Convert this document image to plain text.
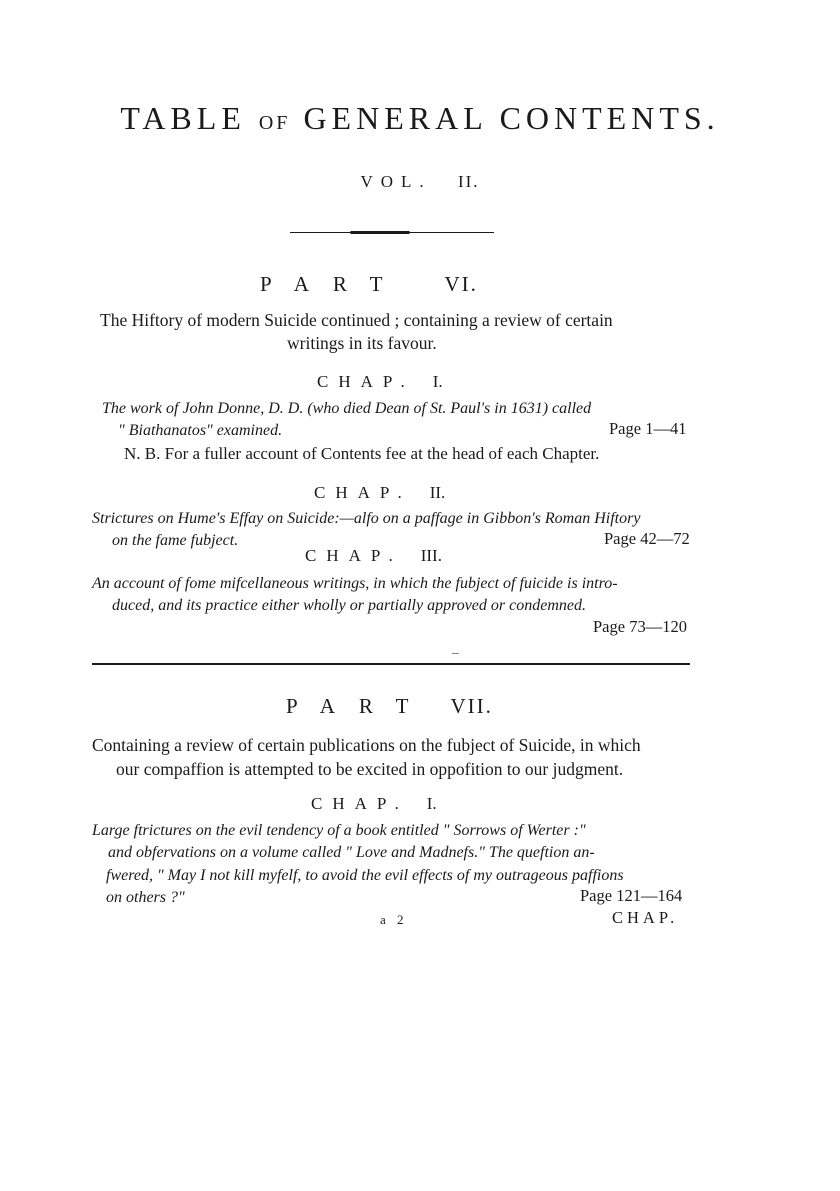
TABLE OF GENERAL CONTENTS.
VOL. II.
PART VI.
The Hiftory of modern Suicide continued ; containing a review of certain
writings in its favour.
CHAP. I.
The work of John Donne, D. D. (who died Dean of St. Paul's in 1631) called
" Biathanatos" examined.	Page 1—41
N. B. For a fuller account of Contents fee at the head of each Chapter.
CHAP. II.
Strictures on Hume's Effay on Suicide:—alfo on a paffage in Gibbon's Roman Hiftory
on the fame fubject.	Page 42—72
CHAP. III.
An account of fome mifcellaneous writings, in which the fubject of fuicide is intro-
duced, and its practice either wholly or partially approved or condemned.
Page 73—120
PART VII.
Containing a review of certain publications on the fubject of Suicide, in which
our compaffion is attempted to be excited in oppofition to our judgment.
CHAP. I.
Large ftrictures on the evil tendency of a book entitled " Sorrows of Werter :"
and obfervations on a volume called " Love and Madnefs." The queftion an-
fwered, " May I not kill myfelf, to avoid the evil effects of my outrageous paffions
on others ?"	Page 121—164
a 2	CHAP.
